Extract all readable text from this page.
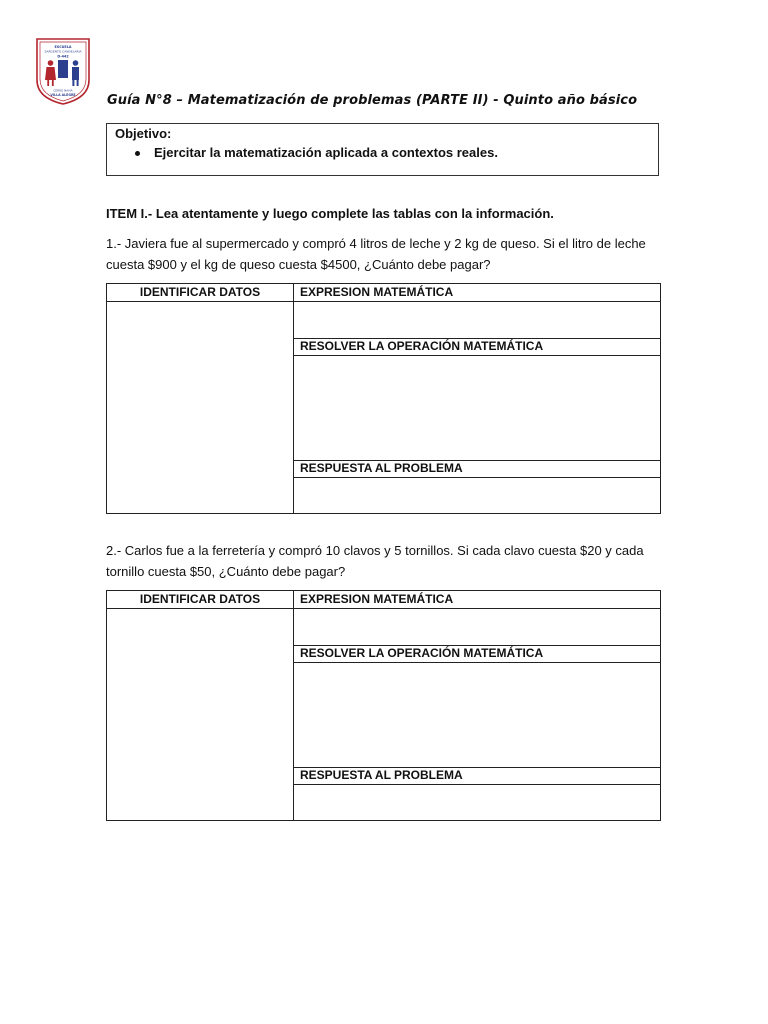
ESCUELA
SARGENTO CANDELARIA
D-442
CERRO NAVIA
VILLA ALEGRE Guía N°8 – Matematización de problemas (PARTE II) - Quinto año básico

Objetivo:

Ejercitar la matematización aplicada a contextos reales.
ITEM I.- Lea atentamente y luego complete las tablas con la información.

1.- Javiera fue al supermercado y compró 4 litros de leche y 2 kg de queso. Si el litro de leche

cuesta $900 y el kg de queso cuesta $4500, ¿Cuánto debe pagar?

IDENTIFICAR DATOS	EXPRESION MATEMÁTICA
RESOLVER LA OPERACIÓN MATEMÁTICA
RESPUESTA AL PROBLEMA

2.- Carlos fue a la ferretería y compró 10 clavos y 5 tornillos. Si cada clavo cuesta $20 y cada

tornillo cuesta $50, ¿Cuánto debe pagar?

IDENTIFICAR DATOS	EXPRESION MATEMÁTICA
RESOLVER LA OPERACIÓN MATEMÁTICA
RESPUESTA AL PROBLEMA
